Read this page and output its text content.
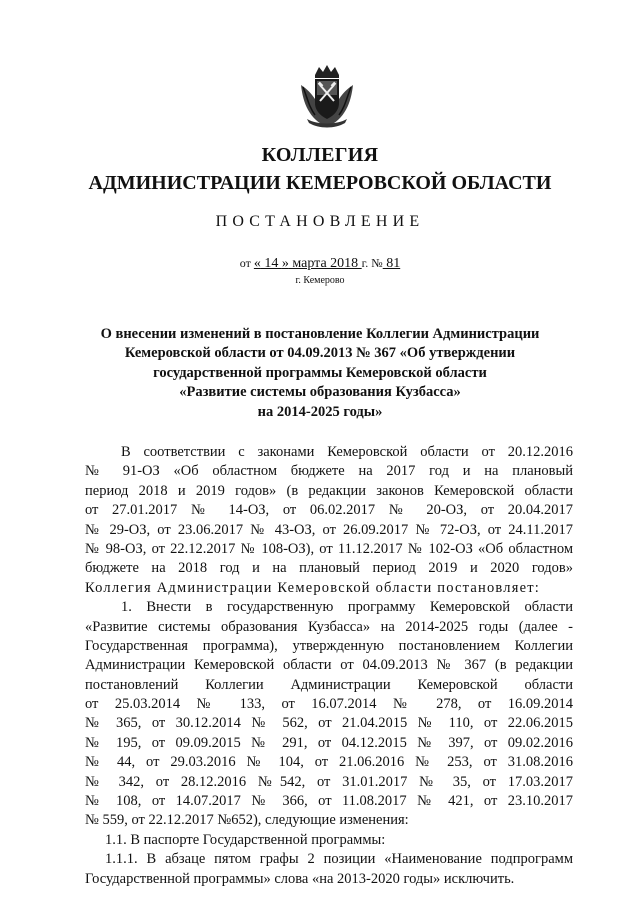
КОЛЛЕГИЯ
АДМИНИСТРАЦИИ КЕМЕРОВСКОЙ ОБЛАСТИ
ПОСТАНОВЛЕНИЕ
от « 14 » марта 2018 г. № 81
г. Кемерово
О внесении изменений в постановление Коллегии Администрации
Кемеровской области от 04.09.2013 № 367 «Об утверждении
государственной программы Кемеровской области
«Развитие системы образования Кузбасса»
на 2014-2025 годы»
В соответствии с законами Кемеровской области от 20.12.2016
№ 91-ОЗ «Об областном бюджете на 2017 год и на плановый
период 2018 и 2019 годов» (в редакции законов Кемеровской области
от 27.01.2017 № 14-ОЗ, от 06.02.2017 № 20-ОЗ, от 20.04.2017
№ 29-ОЗ, от 23.06.2017 № 43-ОЗ, от 26.09.2017 № 72-ОЗ, от 24.11.2017
№ 98-ОЗ, от 22.12.2017 № 108-ОЗ), от 11.12.2017 № 102-ОЗ «Об областном
бюджете на 2018 год и на плановый период 2019 и 2020 годов»
Коллегия Администрации Кемеровской области постановляет:
1. Внести в государственную программу Кемеровской области
«Развитие системы образования Кузбасса» на 2014-2025 годы (далее -
Государственная программа), утвержденную постановлением Коллегии
Администрации Кемеровской области от 04.09.2013 № 367 (в редакции
постановлений Коллегии Администрации Кемеровской области
от 25.03.2014 № 133, от 16.07.2014 № 278, от 16.09.2014
№ 365, от 30.12.2014 № 562, от 21.04.2015 № 110, от 22.06.2015
№ 195, от 09.09.2015 № 291, от 04.12.2015 № 397, от 09.02.2016
№ 44, от 29.03.2016 № 104, от 21.06.2016 № 253, от 31.08.2016
№ 342, от 28.12.2016 №542, от 31.01.2017 № 35, от 17.03.2017
№ 108, от 14.07.2017 № 366, от 11.08.2017 № 421, от 23.10.2017
№ 559, от 22.12.2017 №652), следующие изменения:
1.1. В паспорте Государственной программы:
1.1.1. В абзаце пятом графы 2 позиции «Наименование подпрограмм
Государственной программы» слова «на 2013-2020 годы» исключить.
